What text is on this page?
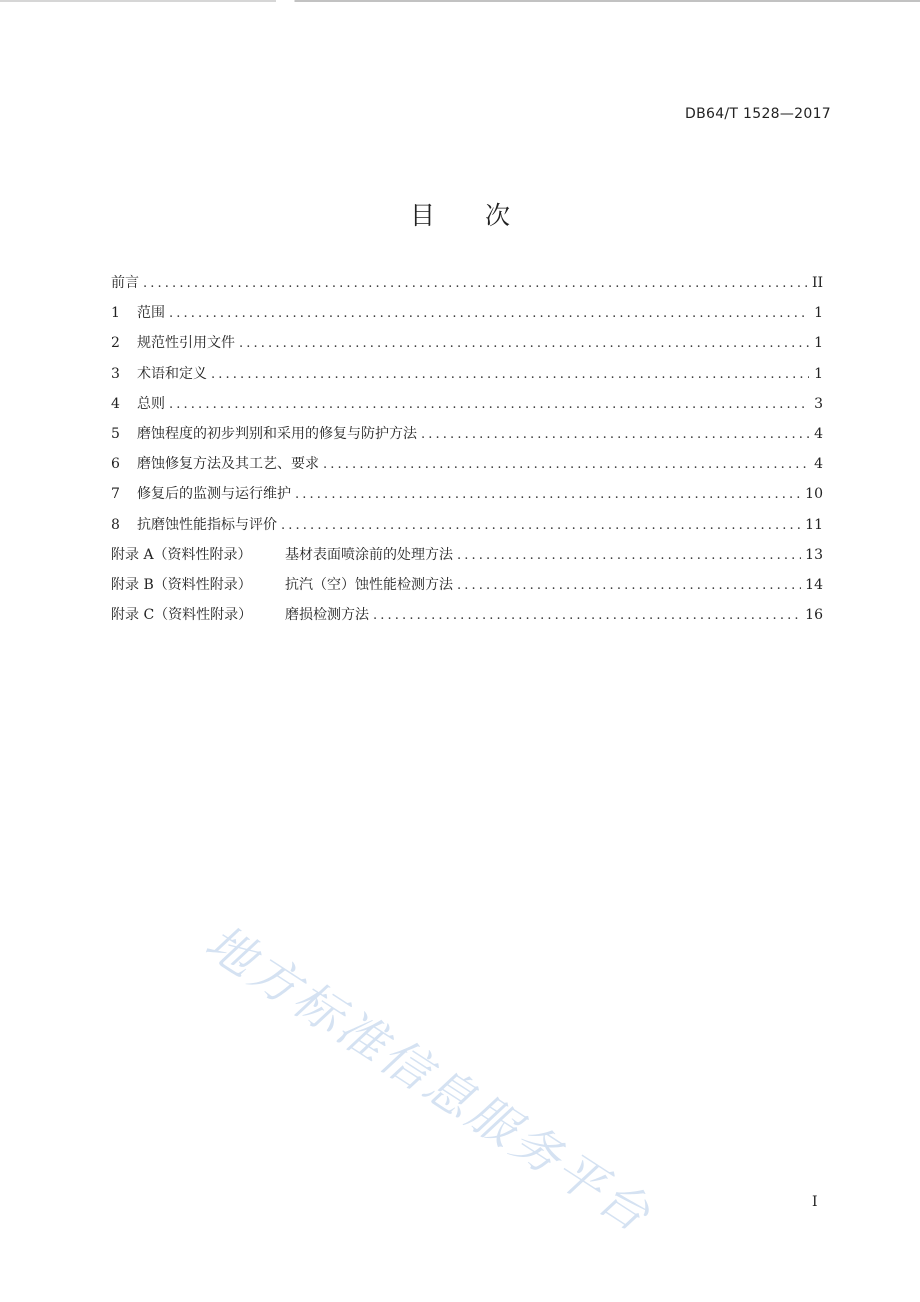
DB64/T 1528—2017
目　　次
前言 . . .	II
1	范围 . . .	1
2	规范性引用文件 . . .	1
3	术语和定义 . . .	1
4	总则 . . .	3
5	磨蚀程度的初步判别和采用的修复与防护方法 . . .	4
6	磨蚀修复方法及其工艺、要求 . . .	4
7	修复后的监测与运行维护 . . .	10
8	抗磨蚀性能指标与评价 . . .	11
附录 A（资料性附录）	基材表面喷涂前的处理方法 . . .	13
附录 B（资料性附录）	抗汽（空）蚀性能检测方法 . . .	14
附录 C（资料性附录）	磨损检测方法 . . .	16
地方标准信息服务平台	I
